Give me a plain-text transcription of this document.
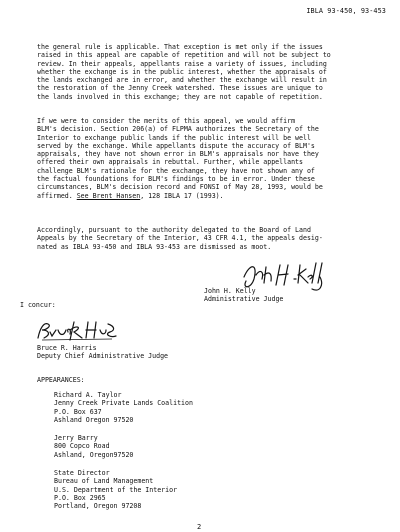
IBLA 93-450, 93-453
the general rule is applicable. That exception is met only if the issues
raised in this appeal are capable of repetition and will not be subject to
review. In their appeals, appellants raise a variety of issues, including
whether the exchange is in the public interest, whether the appraisals of
the lands exchanged are in error, and whether the exchange will result in
the restoration of the Jenny Creek watershed. These issues are unique to
the lands involved in this exchange; they are not capable of repetition.
If we were to consider the merits of this appeal, we would affirm
BLM's decision. Section 206(a) of FLPMA authorizes the Secretary of the
Interior to exchange public lands if the public interest will be well
served by the exchange. While appellants dispute the accuracy of BLM's
appraisals, they have not shown error in BLM's appraisals nor have they
offered their own appraisals in rebuttal. Further, while appellants
challenge BLM's rationale for the exchange, they have not shown any of
the factual foundations for BLM's findings to be in error. Under these
circumstances, BLM's decision record and FONSI of May 28, 1993, would be
affirmed. See Brent Hansen, 128 IBLA 17 (1993).
Accordingly, pursuant to the authority delegated to the Board of Land
Appeals by the Secretary of the Interior, 43 CFR 4.1, the appeals desig-
nated as IBLA 93-450 and IBLA 93-453 are dismissed as moot.
John H. Kelly
Administrative Judge
I concur:
Bruce R. Harris
Deputy Chief Administrative Judge
APPEARANCES:
Richard A. Taylor
Jenny Creek Private Lands Coalition
P.O. Box 637
Ashland Oregon 97520
Jerry Barry
800 Copco Road
Ashland, Oregon97520
State Director
Bureau of Land Management
U.S. Department of the Interior
P.O. Box 2965
Portland, Oregon 97208
2
